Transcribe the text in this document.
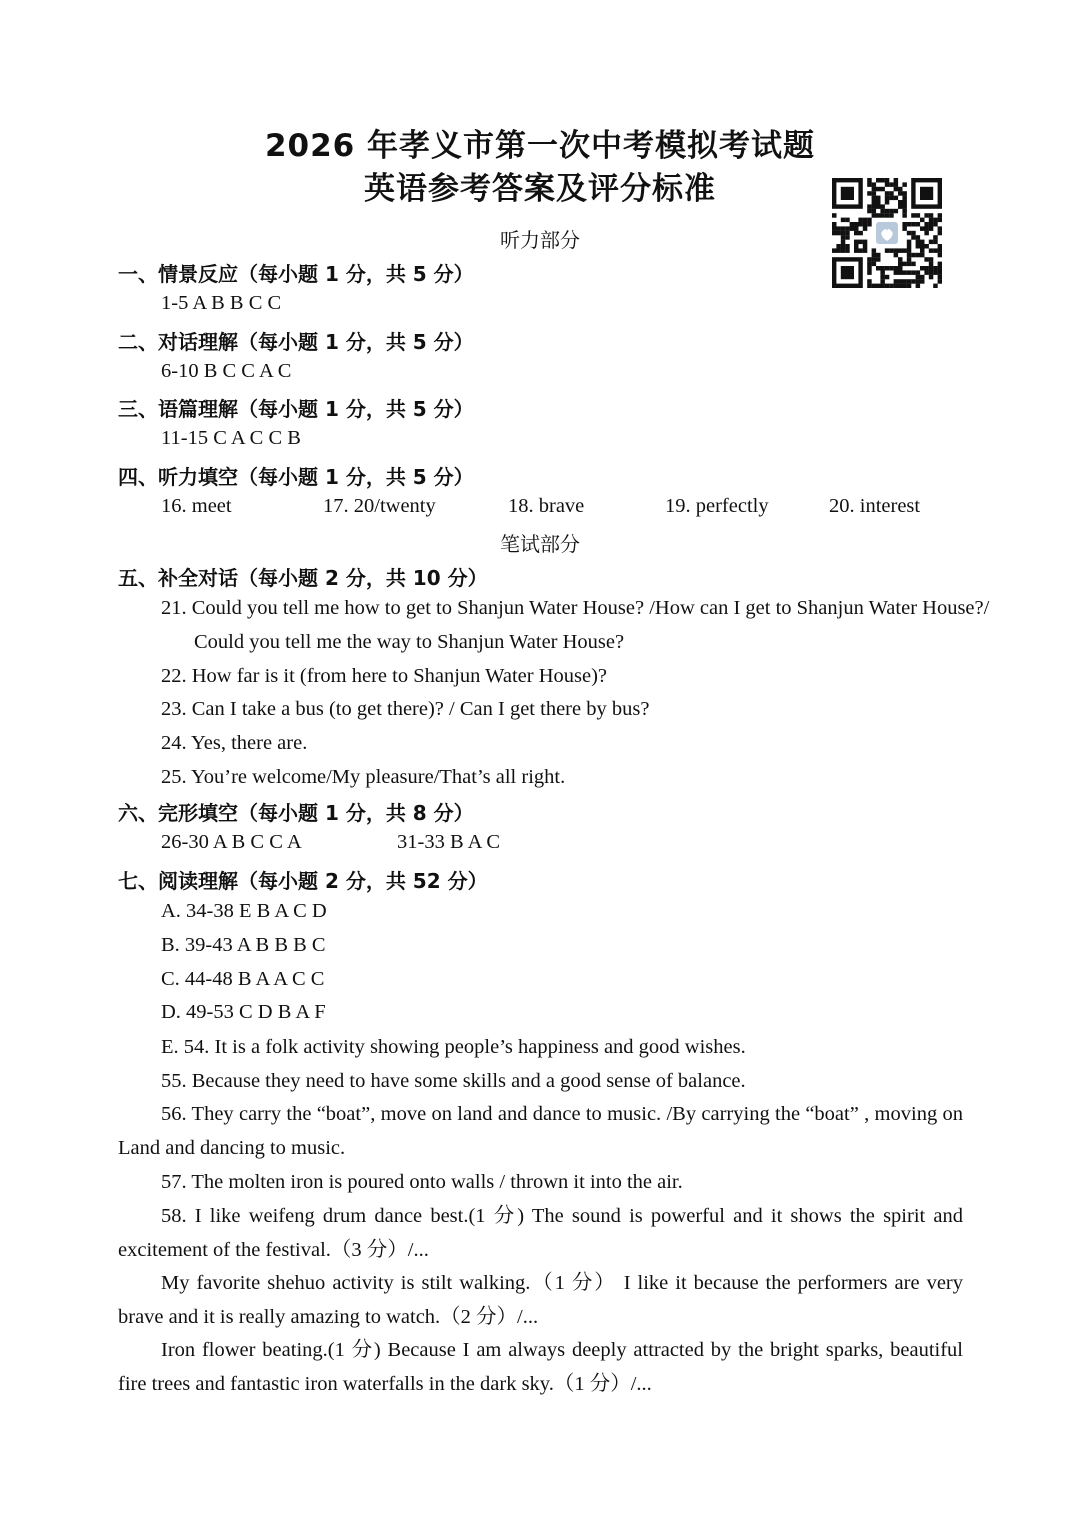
2026 年孝义市第一次中考模拟考试题
英语参考答案及评分标准

听力部分

一、情景反应（每小题 1 分，共 5 分）

1-5 A B B C C

二、对话理解（每小题 1 分，共 5 分）

6-10 B C C A C

三、语篇理解（每小题 1 分，共 5 分）

11-15 C A C C B

四、听力填空（每小题 1 分，共 5 分）

16. meet	17. 20/twenty	18. brave	19. perfectly	20. interest

笔试部分

五、补全对话（每小题 2 分，共 10 分）

21. Could you tell me how to get to Shanjun Water House? /How can I get to Shanjun Water House?/ Could you tell me the way to Shanjun Water House?

22. How far is it (from here to Shanjun Water House)?

23. Can I take a bus (to get there)? / Can I get there by bus?

24. Yes, there are.

25. You’re welcome/My pleasure/That’s all right.

六、完形填空（每小题 1 分，共 8 分）

26-30 A B C C A	31-33 B A C

七、阅读理解（每小题 2 分，共 52 分）

A. 34-38 E B A C D

B. 39-43 A B B B C

C. 44-48 B A A C C

D. 49-53 C D B A F

E. 54. It is a folk activity showing people’s happiness and good wishes.

55. Because they need to have some skills and a good sense of balance.

56. They carry the “boat”, move on land and dance to music. /By carrying the “boat” , moving on Land and dancing to music.

57. The molten iron is poured onto walls / thrown it into the air.

58. I like weifeng drum dance best.(1 分) The sound is powerful and it shows the spirit and excitement of the festival.（3 分）/...

My favorite shehuo activity is stilt walking.（1 分） I like it because the performers are very brave and it is really amazing to watch.（2 分）/...

Iron flower beating.(1 分) Because I am always deeply attracted by the bright sparks, beautiful fire trees and fantastic iron waterfalls in the dark sky.（1 分）/...
